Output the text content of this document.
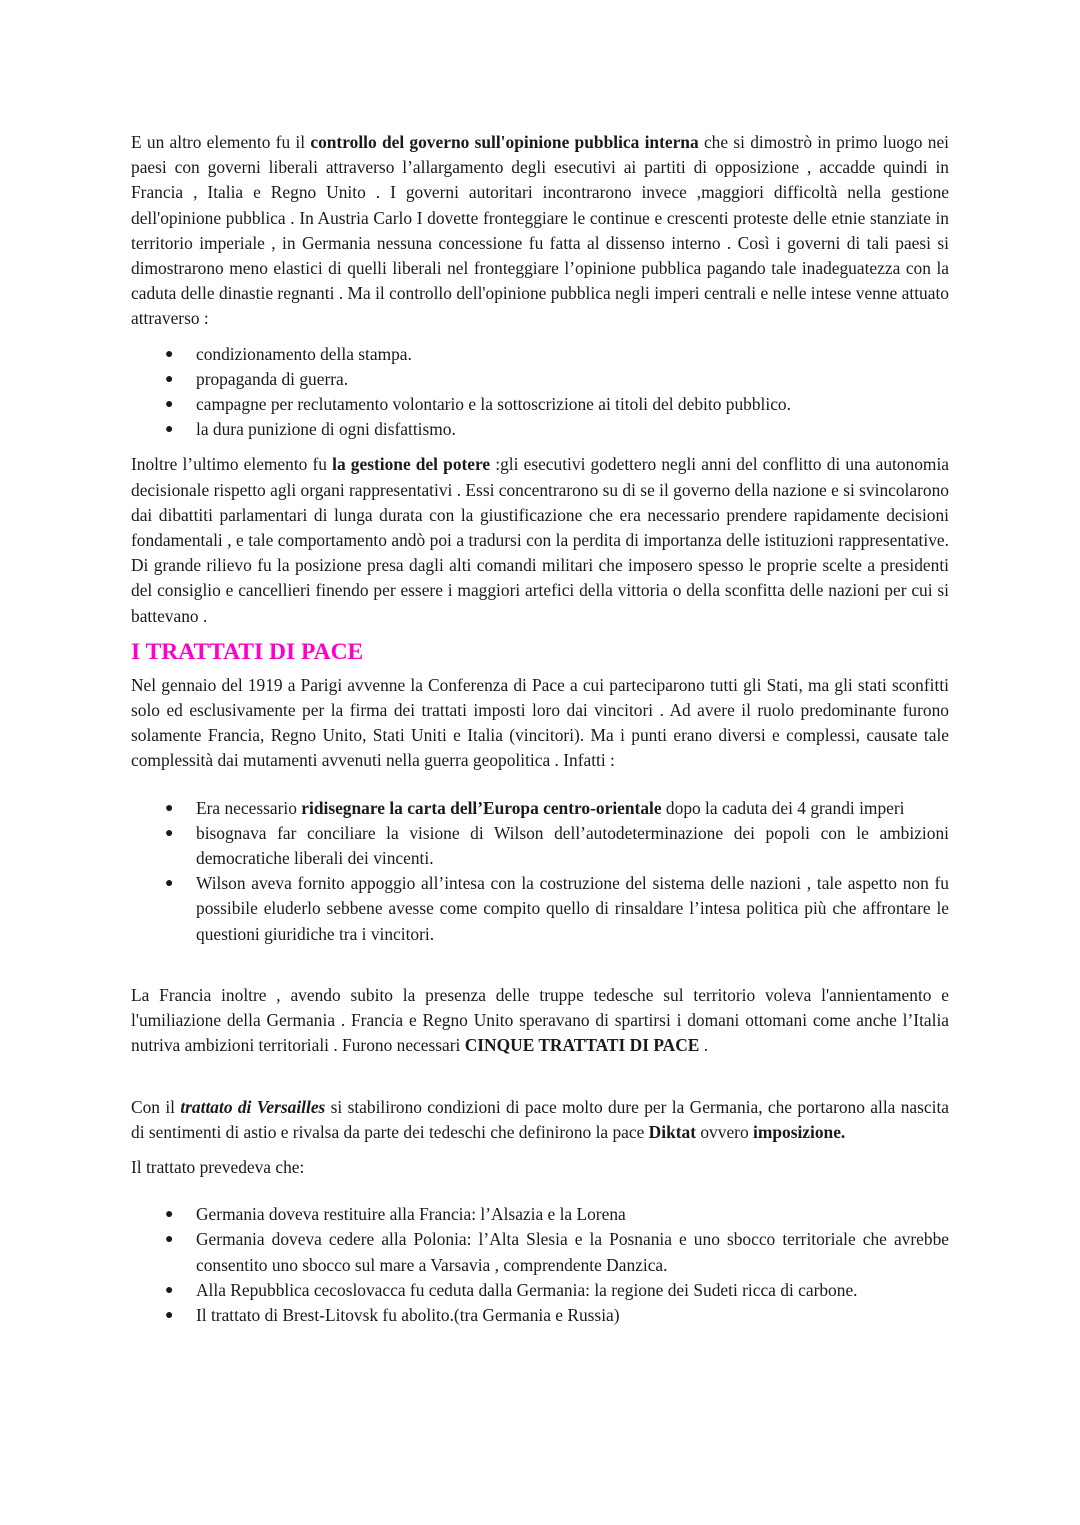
E un altro elemento fu il controllo del governo sull'opinione pubblica interna che si dimostrò in primo luogo nei paesi con governi liberali attraverso l’allargamento degli esecutivi ai partiti di opposizione , accadde quindi in Francia , Italia e Regno Unito . I governi autoritari incontrarono invece ,maggiori difficoltà nella gestione dell'opinione pubblica . In Austria Carlo I dovette fronteggiare le continue e crescenti proteste delle etnie stanziate in territorio imperiale , in Germania nessuna concessione fu fatta al dissenso interno . Così i governi di tali paesi si dimostrarono meno elastici di quelli liberali nel fronteggiare l’opinione pubblica pagando tale inadeguatezza con la caduta delle dinastie regnanti . Ma il controllo dell'opinione pubblica negli imperi centrali e nelle intese venne attuato attraverso :

● condizionamento della stampa.
● propaganda di guerra.
● campagne per reclutamento volontario e la sottoscrizione ai titoli del debito pubblico.
● la dura punizione di ogni disfattismo.

Inoltre l’ultimo elemento fu la gestione del potere :gli esecutivi godettero negli anni del conflitto di una autonomia decisionale rispetto agli organi rappresentativi . Essi concentrarono su di se il governo della nazione e si svincolarono dai dibattiti parlamentari di lunga durata con la giustificazione che era necessario prendere rapidamente decisioni fondamentali , e tale comportamento andò poi a tradursi con la perdita di importanza delle istituzioni rappresentative. Di grande rilievo fu la posizione presa dagli alti comandi militari che imposero spesso le proprie scelte a presidenti del consiglio e cancellieri finendo per essere i maggiori artefici della vittoria o della sconfitta delle nazioni per cui si battevano .

I TRATTATI DI PACE

Nel gennaio del 1919 a Parigi avvenne la Conferenza di Pace a cui parteciparono tutti gli Stati, ma gli stati sconfitti solo ed esclusivamente per la firma dei trattati imposti loro dai vincitori . Ad avere il ruolo predominante furono solamente Francia, Regno Unito, Stati Uniti e Italia (vincitori). Ma i punti erano diversi e complessi, causate tale complessità dai mutamenti avvenuti nella guerra geopolitica . Infatti :

● Era necessario ridisegnare la carta dell’Europa centro-orientale dopo la caduta dei 4 grandi imperi
● bisognava far conciliare la visione di Wilson dell’autodeterminazione dei popoli con le ambizioni democratiche liberali dei vincenti.
● Wilson aveva fornito appoggio all’intesa con la costruzione del sistema delle nazioni , tale aspetto non fu possibile eluderlo sebbene avesse come compito quello di rinsaldare l’intesa politica più che affrontare le questioni giuridiche tra i vincitori.

La Francia inoltre , avendo subito la presenza delle truppe tedesche sul territorio voleva l'annientamento e l'umiliazione della Germania . Francia e Regno Unito speravano di spartirsi i domani ottomani come anche l’Italia nutriva ambizioni territoriali . Furono necessari CINQUE TRATTATI DI PACE .

Con il trattato di Versailles si stabilirono condizioni di pace molto dure per la Germania, che portarono alla nascita di sentimenti di astio e rivalsa da parte dei tedeschi che definirono la pace Diktat ovvero imposizione.

Il trattato prevedeva che:

● Germania doveva restituire alla Francia: l’Alsazia e la Lorena
● Germania doveva cedere alla Polonia: l’Alta Slesia e la Posnania e uno sbocco territoriale che avrebbe consentito uno sbocco sul mare a Varsavia , comprendente Danzica.
● Alla Repubblica cecoslovacca fu ceduta dalla Germania: la regione dei Sudeti ricca di carbone.
● Il trattato di Brest-Litovsk fu abolito.(tra Germania e Russia)
